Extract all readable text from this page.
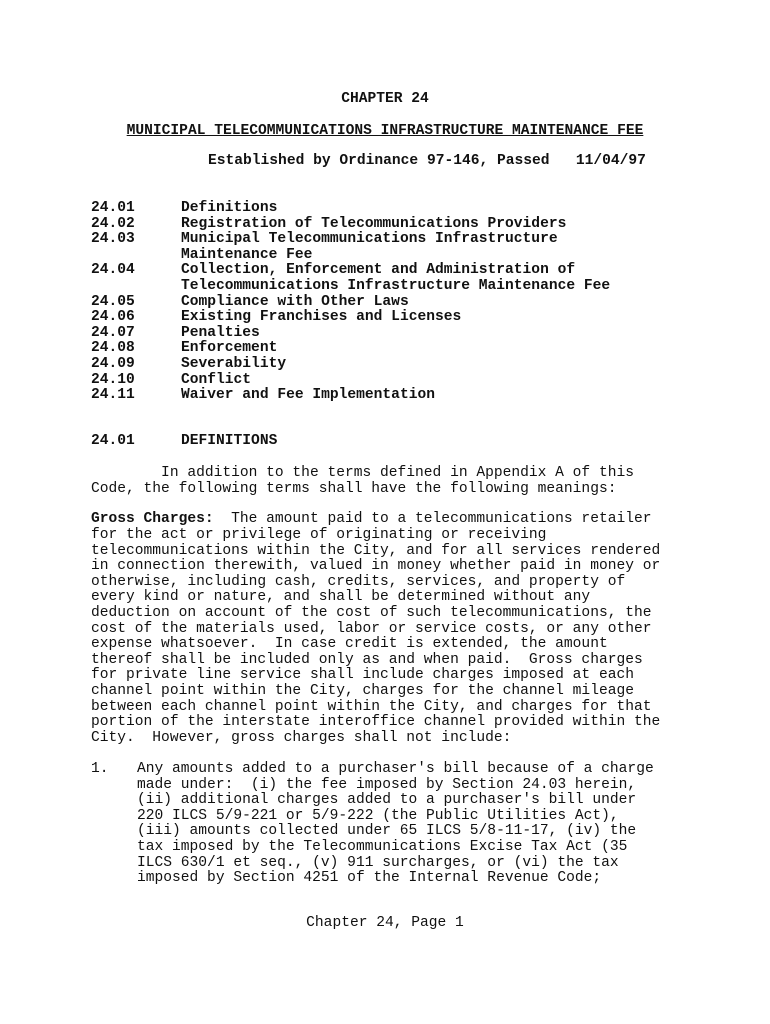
CHAPTER 24
MUNICIPAL TELECOMMUNICATIONS INFRASTRUCTURE MAINTENANCE FEE
Established by Ordinance 97-146, Passed 11/04/97
24.01	Definitions
24.02	Registration of Telecommunications Providers
24.03	Municipal Telecommunications Infrastructure
Maintenance Fee
24.04	Collection, Enforcement and Administration of
Telecommunications Infrastructure Maintenance Fee
24.05	Compliance with Other Laws
24.06	Existing Franchises and Licenses
24.07	Penalties
24.08	Enforcement
24.09	Severability
24.10	Conflict
24.11	Waiver and Fee Implementation
24.01	DEFINITIONS
In addition to the terms defined in Appendix A of this
Code, the following terms shall have the following meanings:
Gross Charges:  The amount paid to a telecommunications retailer
for the act or privilege of originating or receiving
telecommunications within the City, and for all services rendered
in connection therewith, valued in money whether paid in money or
otherwise, including cash, credits, services, and property of
every kind or nature, and shall be determined without any
deduction on account of the cost of such telecommunications, the
cost of the materials used, labor or service costs, or any other
expense whatsoever.  In case credit is extended, the amount
thereof shall be included only as and when paid.  Gross charges
for private line service shall include charges imposed at each
channel point within the City, charges for the channel mileage
between each channel point within the City, and charges for that
portion of the interstate interoffice channel provided within the
City.  However, gross charges shall not include:
1. Any amounts added to a purchaser's bill because of a charge
made under:  (i) the fee imposed by Section 24.03 herein,
(ii) additional charges added to a purchaser's bill under
220 ILCS 5/9-221 or 5/9-222 (the Public Utilities Act),
(iii) amounts collected under 65 ILCS 5/8-11-17, (iv) the
tax imposed by the Telecommunications Excise Tax Act (35
ILCS 630/1 et seq., (v) 911 surcharges, or (vi) the tax
imposed by Section 4251 of the Internal Revenue Code;
Chapter 24, Page 1
